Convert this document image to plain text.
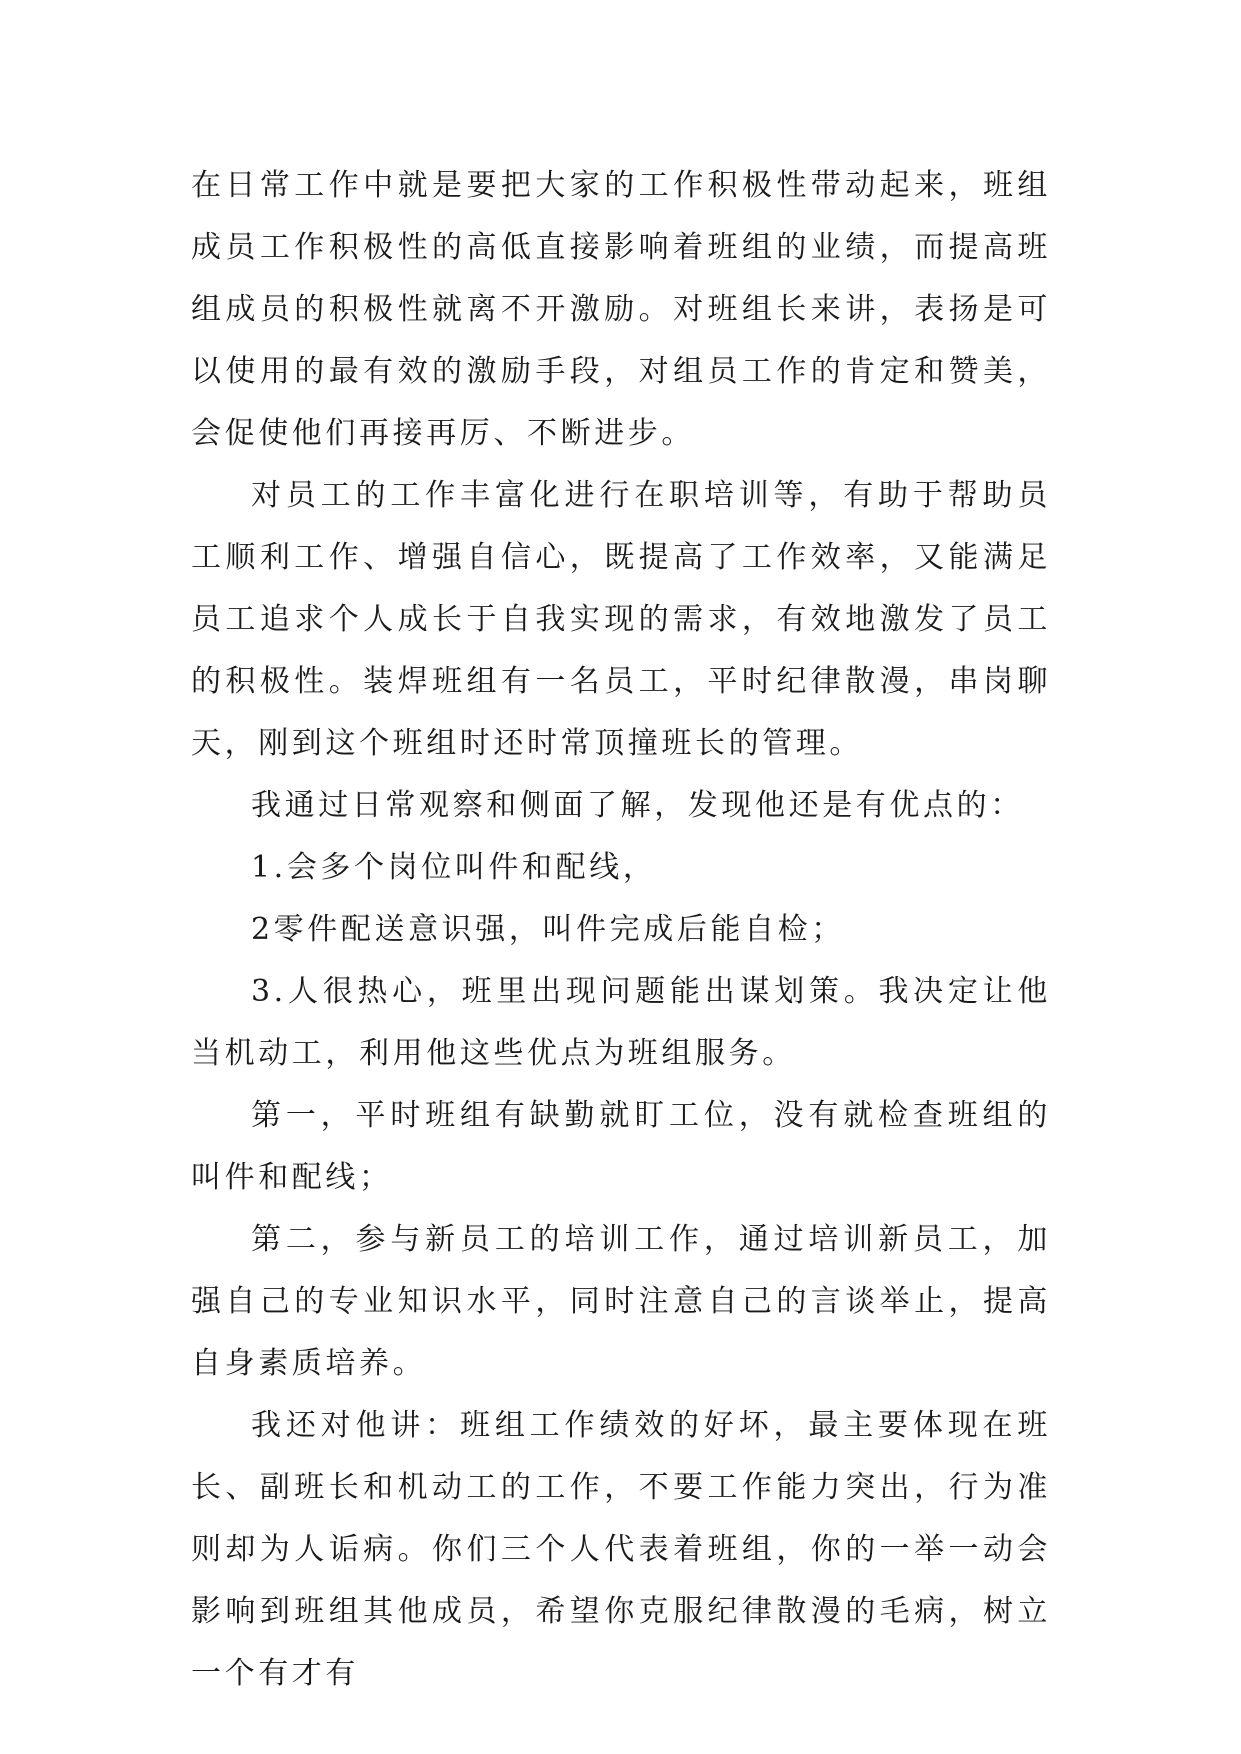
在日常工作中就是要把大家的工作积极性带动起来，班组成员工作积极性的高低直接影响着班组的业绩，而提高班组成员的积极性就离不开激励。对班组长来讲，表扬是可以使用的最有效的激励手段，对组员工作的肯定和赞美，会促使他们再接再厉、不断进步。

对员工的工作丰富化进行在职培训等，有助于帮助员工顺利工作、增强自信心，既提高了工作效率，又能满足员工追求个人成长于自我实现的需求，有效地激发了员工的积极性。装焊班组有一名员工，平时纪律散漫，串岗聊天，刚到这个班组时还时常顶撞班长的管理。

我通过日常观察和侧面了解，发现他还是有优点的：

1.会多个岗位叫件和配线，

2零件配送意识强，叫件完成后能自检；

3.人很热心，班里出现问题能出谋划策。我决定让他当机动工，利用他这些优点为班组服务。

第一，平时班组有缺勤就盯工位，没有就检查班组的叫件和配线；

第二，参与新员工的培训工作，通过培训新员工，加强自己的专业知识水平，同时注意自己的言谈举止，提高自身素质培养。

我还对他讲：班组工作绩效的好坏，最主要体现在班长、副班长和机动工的工作，不要工作能力突出，行为准则却为人诟病。你们三个人代表着班组，你的一举一动会影响到班组其他成员，希望你克服纪律散漫的毛病，树立一个有才有
